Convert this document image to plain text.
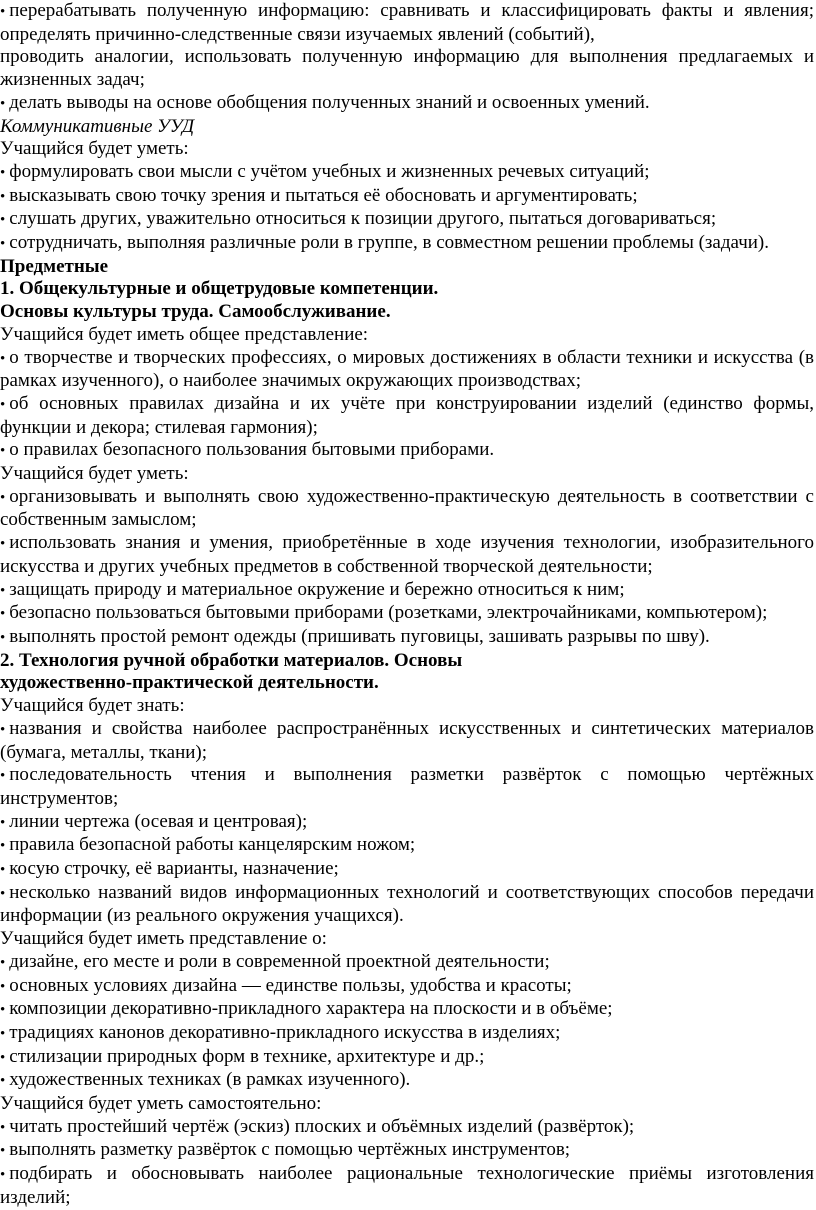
• перерабатывать полученную информацию: сравнивать и классифицировать факты и явления; определять причинно-следственные связи изучаемых явлений (событий),

проводить аналогии, использовать полученную информацию для выполнения предлагаемых и жизненных задач;

• делать выводы на основе обобщения полученных знаний и освоенных умений.

Коммуникативные УУД

Учащийся будет уметь:

• формулировать свои мысли с учётом учебных и жизненных речевых ситуаций;

• высказывать свою точку зрения и пытаться её обосновать и аргументировать;

• слушать других, уважительно относиться к позиции другого, пытаться договариваться;

• сотрудничать, выполняя различные роли в группе, в совместном решении проблемы (задачи).

Предметные

1. Общекультурные и общетрудовые компетенции.

Основы культуры труда. Самообслуживание.

Учащийся будет иметь общее представление:

• о творчестве и творческих профессиях, о мировых достижениях в области техники и искусства (в рамках изученного), о наиболее значимых окружающих производствах;

• об основных правилах дизайна и их учёте при конструировании изделий (единство формы, функции и декора; стилевая гармония);

• о правилах безопасного пользования бытовыми приборами.

Учащийся будет уметь:

• организовывать и выполнять свою художественно-практическую деятельность в соответствии с собственным замыслом;

• использовать знания и умения, приобретённые в ходе изучения технологии, изобразительного искусства и других учебных предметов в собственной творческой деятельности;

• защищать природу и материальное окружение и бережно относиться к ним;

• безопасно пользоваться бытовыми приборами (розетками, электрочайниками, компьютером);

• выполнять простой ремонт одежды (пришивать пуговицы, зашивать разрывы по шву).

2. Технология ручной обработки материалов. Основы

художественно-практической деятельности.

Учащийся будет знать:

• названия и свойства наиболее распространённых искусственных и синтетических материалов (бумага, металлы, ткани);

• последовательность чтения и выполнения разметки развёрток с помощью чертёжных инструментов;

• линии чертежа (осевая и центровая);

• правила безопасной работы канцелярским ножом;

• косую строчку, её варианты, назначение;

• несколько названий видов информационных технологий и соответствующих способов передачи информации (из реального окружения учащихся).

Учащийся будет иметь представление о:

• дизайне, его месте и роли в современной проектной деятельности;

• основных условиях дизайна — единстве пользы, удобства и красоты;

• композиции декоративно-прикладного характера на плоскости и в объёме;

• традициях канонов декоративно-прикладного искусства в изделиях;

• стилизации природных форм в технике, архитектуре и др.;

• художественных техниках (в рамках изученного).

Учащийся будет уметь самостоятельно:

• читать простейший чертёж (эскиз) плоских и объёмных изделий (развёрток);

• выполнять разметку развёрток с помощью чертёжных инструментов;

• подбирать и обосновывать наиболее рациональные технологические приёмы изготовления изделий;
